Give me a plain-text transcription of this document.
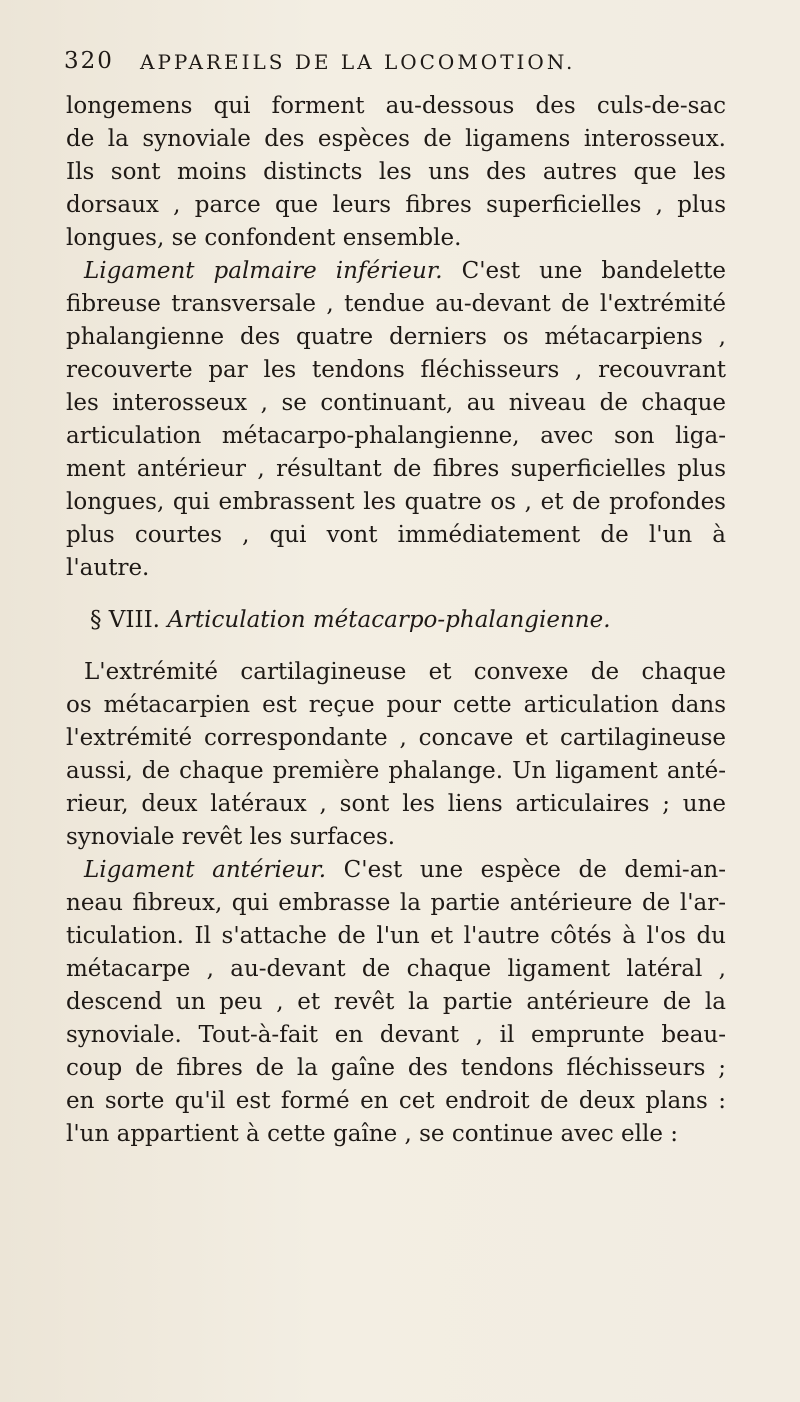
320 APPAREILS DE LA LOCOMOTION.
longemens qui forment au-dessous des culs-de-sac
de la synoviale des espèces de ligamens interosseux.
Ils sont moins distincts les uns des autres que les
dorsaux , parce que leurs fibres superficielles , plus
longues, se confondent ensemble.
Ligament palmaire inférieur. C'est une bandelette
fibreuse transversale , tendue au-devant de l'extrémité
phalangienne des quatre derniers os métacarpiens ,
recouverte par les tendons fléchisseurs , recouvrant
les interosseux , se continuant, au niveau de chaque
articulation métacarpo-phalangienne, avec son liga-
ment antérieur , résultant de fibres superficielles plus
longues, qui embrassent les quatre os , et de profondes
plus courtes , qui vont immédiatement de l'un à
l'autre.
§ VIII. Articulation métacarpo-phalangienne.
L'extrémité cartilagineuse et convexe de chaque
os métacarpien est reçue pour cette articulation dans
l'extrémité correspondante , concave et cartilagineuse
aussi, de chaque première phalange. Un ligament anté-
rieur, deux latéraux , sont les liens articulaires ; une
synoviale revêt les surfaces.
Ligament antérieur. C'est une espèce de demi-an-
neau fibreux, qui embrasse la partie antérieure de l'ar-
ticulation. Il s'attache de l'un et l'autre côtés à l'os du
métacarpe , au-devant de chaque ligament latéral ,
descend un peu , et revêt la partie antérieure de la
synoviale. Tout-à-fait en devant , il emprunte beau-
coup de fibres de la gaîne des tendons fléchisseurs ;
en sorte qu'il est formé en cet endroit de deux plans :
l'un appartient à cette gaîne , se continue avec elle :
